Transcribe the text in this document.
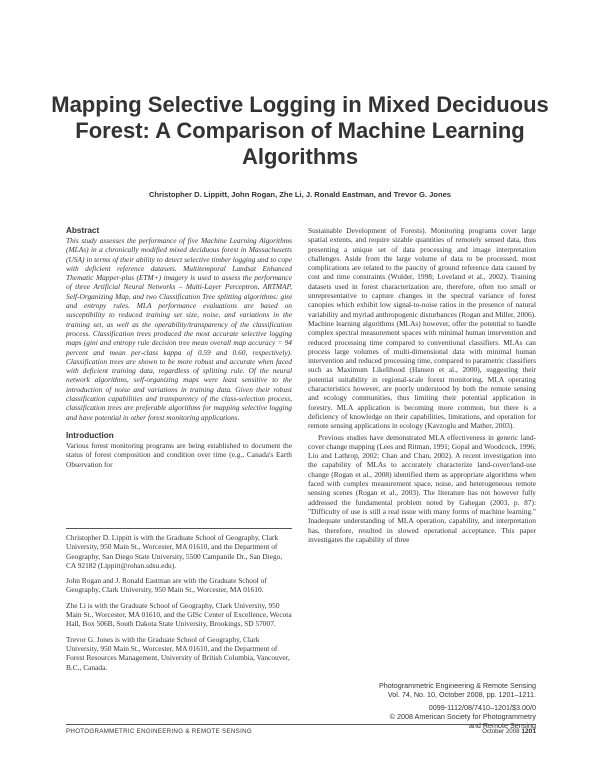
Mapping Selective Logging in Mixed Deciduous Forest: A Comparison of Machine Learning Algorithms
Christopher D. Lippitt, John Rogan, Zhe Li, J. Ronald Eastman, and Trevor G. Jones
Abstract
This study assesses the performance of five Machine Learning Algorithms (MLAs) in a chronically modified mixed deciduous forest in Massachusetts (USA) in terms of their ability to detect selective timber logging and to cope with deficient reference datasets. Multitemporal Landsat Enhanced Thematic Mapper-plus (ETM+) imagery is used to assess the performance of three Artificial Neural Networks – Multi-Layer Perceptron, ARTMAP, Self-Organizing Map, and two Classification Tree splitting algorithms: gini and entropy rules. MLA performance evaluations are based on susceptibility to reduced training set size, noise, and variations in the training set, as well as the operability/transparency of the classification process. Classification trees produced the most accurate selective logging maps (gini and entropy rule decision tree mean overall map accuracy = 94 percent and mean per-class kappa of 0.59 and 0.60, respectively). Classification trees are shown to be more robust and accurate when faced with deficient training data, regardless of splitting rule. Of the neural network algorithms, self-organizing maps were least sensitive to the introduction of noise and variations in training data. Given their robust classification capabilities and transparency of the class-selection process, classification trees are preferable algorithms for mapping selective logging and have potential in other forest monitoring applications.
Introduction
Various forest monitoring programs are being established to document the status of forest composition and condition over time (e.g., Canada's Earth Observation for

Christopher D. Lippitt is with the Graduate School of Geography, Clark University, 950 Main St., Worcester, MA 01610, and the Department of Geography, San Diego State University, 5500 Campanile Dr., San Diego, CA 92182 (Lippitt@rohan.sdsu.edu).

John Rogan and J. Ronald Eastman are with the Graduate School of Geography, Clark University, 950 Main St., Worcester, MA 01610.

Zhe Li is with the Graduate School of Geography, Clark University, 950 Main St., Worcester, MA 01610, and the GISc Center of Excellence, Wecota Hall, Box 506B, South Dakota State University, Brookings, SD 57007.

Trevor G. Jones is with the Graduate School of Geography, Clark University, 950 Main St., Worcester, MA 01610, and the Department of Forest Resources Management, University of British Columbia, Vancouver, B.C., Canada.

Sustainable Development of Forests). Monitoring programs cover large spatial extents, and require sizable quantities of remotely sensed data, thus presenting a unique set of data processing and image interpretation challenges. Aside from the large volume of data to be processed, most complications are related to the paucity of ground reference data caused by cost and time constraints (Wulder, 1998; Loveland et al., 2002). Training datasets used in forest characterization are, therefore, often too small or unrepresentative to capture changes in the spectral variance of forest canopies which exhibit low signal-to-noise ratios in the presence of natural variability and myriad anthropogenic disturbances (Rogan and Miller, 2006). Machine learning algorithms (MLAs) however, offer the potential to handle complex spectral measurement spaces with minimal human intervention and reduced processing time compared to conventional classifiers. MLAs can process large volumes of multi-dimensional data with minimal human intervention and reduced processing time, compared to parametric classifiers such as Maximum Likelihood (Hansen et al., 2000), suggesting their potential suitability in regional-scale forest monitoring. MLA operating characteristics however, are poorly understood by both the remote sensing and ecology communities, thus limiting their potential application in forestry. MLA application is becoming more common, but there is a deficiency of knowledge on their capabilities, limitations, and operation for remote sensing applications in ecology (Kavzoglu and Mather, 2003).
Previous studies have demonstrated MLA effectiveness in generic land-cover change mapping (Lees and Ritman, 1991; Gopal and Woodcock, 1996; Liu and Lathrop, 2002; Chan and Chan, 2002). A recent investigation into the capability of MLAs to accurately characterize land-cover/land-use change (Rogan et al., 2008) identified them as appropriate algorithms when faced with complex measurement space, noise, and heterogeneous remote sensing scenes (Rogan et al., 2003). The literature has not however fully addressed the fundamental problem noted by Gahegan (2003, p. 87): "Difficulty of use is still a real issue with many forms of machine learning." Inadequate understanding of MLA operation, capability, and interpretation has, therefore, resulted in slowed operational acceptance. This paper investigates the capability of three
Photogrammetric Engineering & Remote Sensing
Vol. 74, No. 10, October 2008, pp. 1201–1211.
0099-1112/08/7410–1201/$3.00/0
© 2008 American Society for Photogrammetry
and Remote Sensing
PHOTOGRAMMETRIC ENGINEERING & REMOTE SENSING	October 2008 1201
